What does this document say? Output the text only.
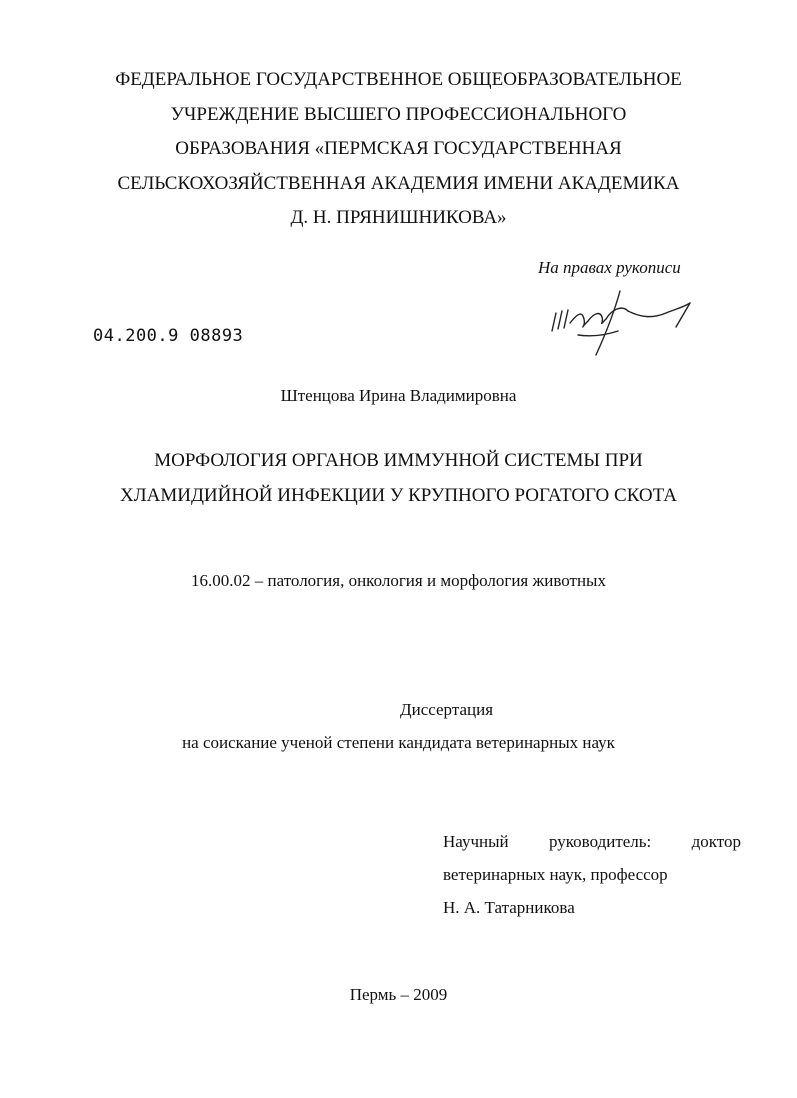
ФЕДЕРАЛЬНОЕ ГОСУДАРСТВЕННОЕ ОБЩЕОБРАЗОВАТЕЛЬНОЕ
УЧРЕЖДЕНИЕ ВЫСШЕГО ПРОФЕССИОНАЛЬНОГО
ОБРАЗОВАНИЯ «ПЕРМСКАЯ ГОСУДАРСТВЕННАЯ
СЕЛЬСКОХОЗЯЙСТВЕННАЯ АКАДЕМИЯ ИМЕНИ АКАДЕМИКА
Д. Н. ПРЯНИШНИКОВА»
На правах рукописи
04.200.9 08893
Штенцова Ирина Владимировна
МОРФОЛОГИЯ ОРГАНОВ ИММУННОЙ СИСТЕМЫ ПРИ
ХЛАМИДИЙНОЙ ИНФЕКЦИИ У КРУПНОГО РОГАТОГО СКОТА
16.00.02 – патология, онкология и морфология животных
Диссертация
на соискание ученой степени кандидата ветеринарных наук
Научный руководитель: доктор
ветеринарных наук, профессор
Н. А. Татарникова
Пермь – 2009
